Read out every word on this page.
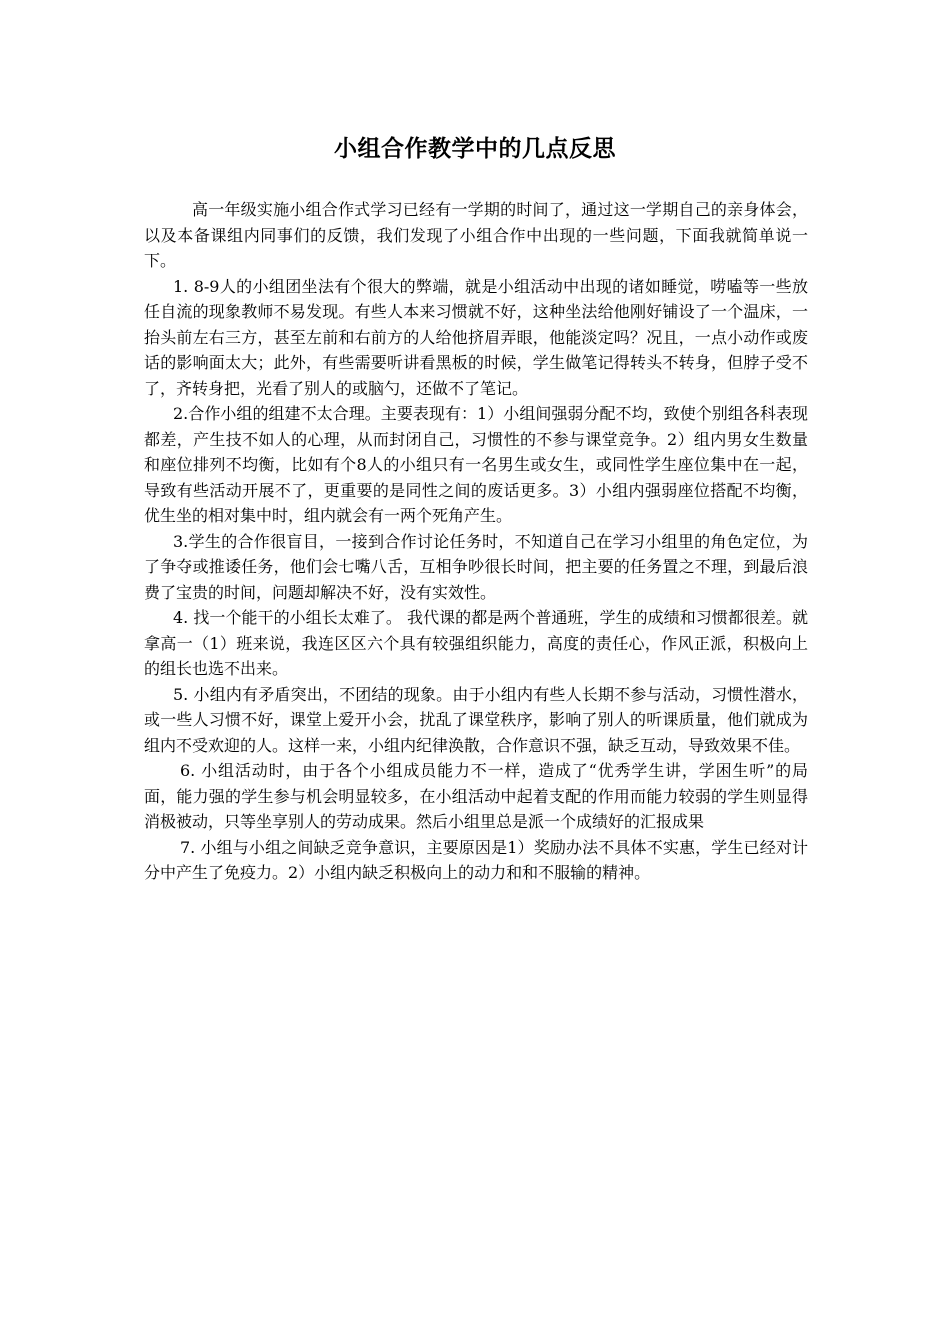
小组合作教学中的几点反思

高一年级实施小组合作式学习已经有一学期的时间了，通过这一学期自己的亲身体会，以及本备课组内同事们的反馈，我们发现了小组合作中出现的一些问题，下面我就简单说一下。

1. 8-9人的小组团坐法有个很大的弊端，就是小组活动中出现的诸如睡觉，唠嗑等一些放任自流的现象教师不易发现。有些人本来习惯就不好，这种坐法给他刚好铺设了一个温床，一抬头前左右三方，甚至左前和右前方的人给他挤眉弄眼，他能淡定吗？况且，一点小动作或废话的影响面太大；此外，有些需要听讲看黑板的时候，学生做笔记得转头不转身，但脖子受不了，齐转身把，光看了别人的或脑勺，还做不了笔记。

2.合作小组的组建不太合理。主要表现有：1）小组间强弱分配不均，致使个别组各科表现都差，产生技不如人的心理，从而封闭自己，习惯性的不参与课堂竞争。2）组内男女生数量和座位排列不均衡，比如有个8人的小组只有一名男生或女生，或同性学生座位集中在一起，导致有些活动开展不了，更重要的是同性之间的废话更多。3）小组内强弱座位搭配不均衡，优生坐的相对集中时，组内就会有一两个死角产生。

3.学生的合作很盲目，一接到合作讨论任务时，不知道自己在学习小组里的角色定位，为了争夺或推诿任务，他们会七嘴八舌，互相争吵很长时间，把主要的任务置之不理，到最后浪费了宝贵的时间，问题却解决不好，没有实效性。

4. 找一个能干的小组长太难了。 我代课的都是两个普通班，学生的成绩和习惯都很差。就拿高一（1）班来说，我连区区六个具有较强组织能力，高度的责任心，作风正派，积极向上的组长也选不出来。

5. 小组内有矛盾突出，不团结的现象。由于小组内有些人长期不参与活动，习惯性潜水，或一些人习惯不好，课堂上爱开小会，扰乱了课堂秩序，影响了别人的听课质量，他们就成为组内不受欢迎的人。这样一来，小组内纪律涣散，合作意识不强，缺乏互动，导致效果不佳。

6. 小组活动时，由于各个小组成员能力不一样，造成了“优秀学生讲，学困生听”的局面，能力强的学生参与机会明显较多，在小组活动中起着支配的作用而能力较弱的学生则显得消极被动，只等坐享别人的劳动成果。然后小组里总是派一个成绩好的汇报成果

7. 小组与小组之间缺乏竞争意识，主要原因是1）奖励办法不具体不实惠，学生已经对计分中产生了免疫力。2）小组内缺乏积极向上的动力和和不服输的精神。
